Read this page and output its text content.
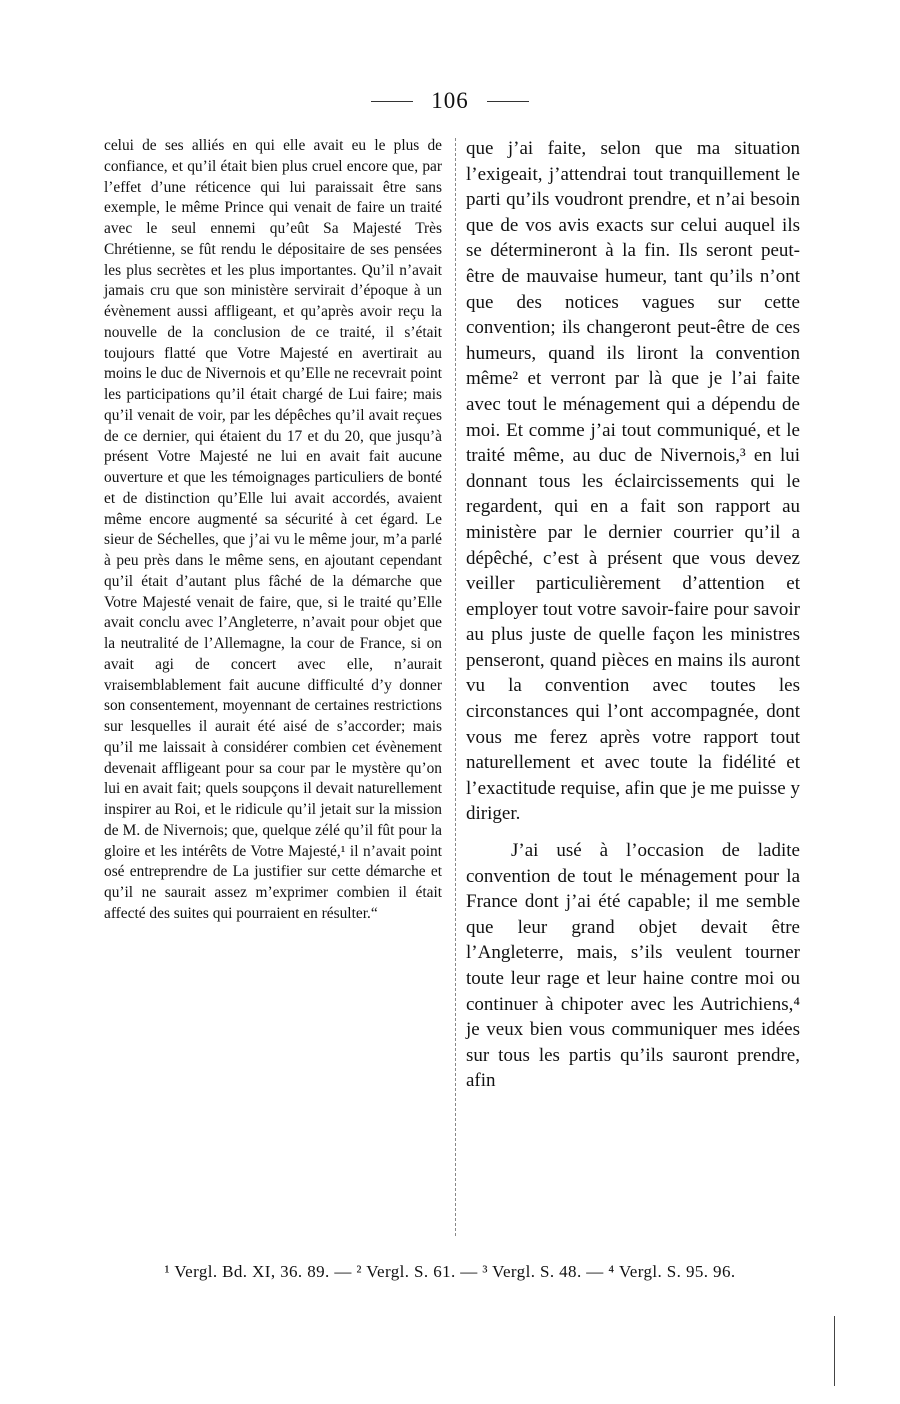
106

celui de ses alliés en qui elle avait eu le plus de confiance, et qu’il était bien plus cruel encore que, par l’effet d’une réticence qui lui paraissait être sans exemple, le même Prince qui venait de faire un traité avec le seul ennemi qu’eût Sa Majesté Très Chrétienne, se fût rendu le dépositaire de ses pensées les plus secrètes et les plus importantes. Qu’il n’avait jamais cru que son ministère servirait d’époque à un évènement aussi affligeant, et qu’après avoir reçu la nouvelle de la conclusion de ce traité, il s’était toujours flatté que Votre Majesté en avertirait au moins le duc de Nivernois et qu’Elle ne recevrait point les participations qu’il était chargé de Lui faire; mais qu’il venait de voir, par les dépêches qu’il avait reçues de ce dernier, qui étaient du 17 et du 20, que jusqu’à présent Votre Majesté ne lui en avait fait aucune ouverture et que les témoignages particuliers de bonté et de distinction qu’Elle lui avait accordés, avaient même encore augmenté sa sécurité à cet égard. Le sieur de Séchelles, que j’ai vu le même jour, m’a parlé à peu près dans le même sens, en ajoutant cependant qu’il était d’autant plus fâché de la démarche que Votre Majesté venait de faire, que, si le traité qu’Elle avait conclu avec l’Angleterre, n’avait pour objet que la neutralité de l’Allemagne, la cour de France, si on avait agi de concert avec elle, n’aurait vraisemblablement fait aucune difficulté d’y donner son consentement, moyennant de certaines restrictions sur lesquelles il aurait été aisé de s’accorder; mais qu’il me laissait à considérer combien cet évènement devenait affligeant pour sa cour par le mystère qu’on lui en avait fait; quels soupçons il devait naturellement inspirer au Roi, et le ridicule qu’il jetait sur la mission de M. de Nivernois; que, quelque zélé qu’il fût pour la gloire et les intérêts de Votre Majesté,¹ il n’avait point osé entreprendre de La justifier sur cette démarche et qu’il ne saurait assez m’exprimer combien il était affecté des suites qui pourraient en résulter.“

que j’ai faite, selon que ma situation l’exigeait, j’attendrai tout tranquillement le parti qu’ils voudront prendre, et n’ai besoin que de vos avis exacts sur celui auquel ils se détermineront à la fin. Ils seront peut-être de mauvaise humeur, tant qu’ils n’ont que des notices vagues sur cette convention; ils changeront peut-être de ces humeurs, quand ils liront la convention même² et verront par là que je l’ai faite avec tout le ménagement qui a dépendu de moi. Et comme j’ai tout communiqué, et le traité même, au duc de Nivernois,³ en lui donnant tous les éclaircissements qui le regardent, qui en a fait son rapport au ministère par le dernier courrier qu’il a dépêché, c’est à présent que vous devez veiller particulièrement d’attention et employer tout votre savoir-faire pour savoir au plus juste de quelle façon les ministres penseront, quand pièces en mains ils auront vu la convention avec toutes les circonstances qui l’ont accompagnée, dont vous me ferez après votre rapport tout naturellement et avec toute la fidélité et l’exactitude requise, afin que je me puisse y diriger.

J’ai usé à l’occasion de ladite convention de tout le ménagement pour la France dont j’ai été capable; il me semble que leur grand objet devait être l’Angleterre, mais, s’ils veulent tourner toute leur rage et leur haine contre moi ou continuer à chipoter avec les Autrichiens,⁴ je veux bien vous communiquer mes idées sur tous les partis qu’ils sauront prendre, afin

¹ Vergl. Bd. XI, 36. 89. — ² Vergl. S. 61. — ³ Vergl. S. 48. — ⁴ Vergl. S. 95. 96.
